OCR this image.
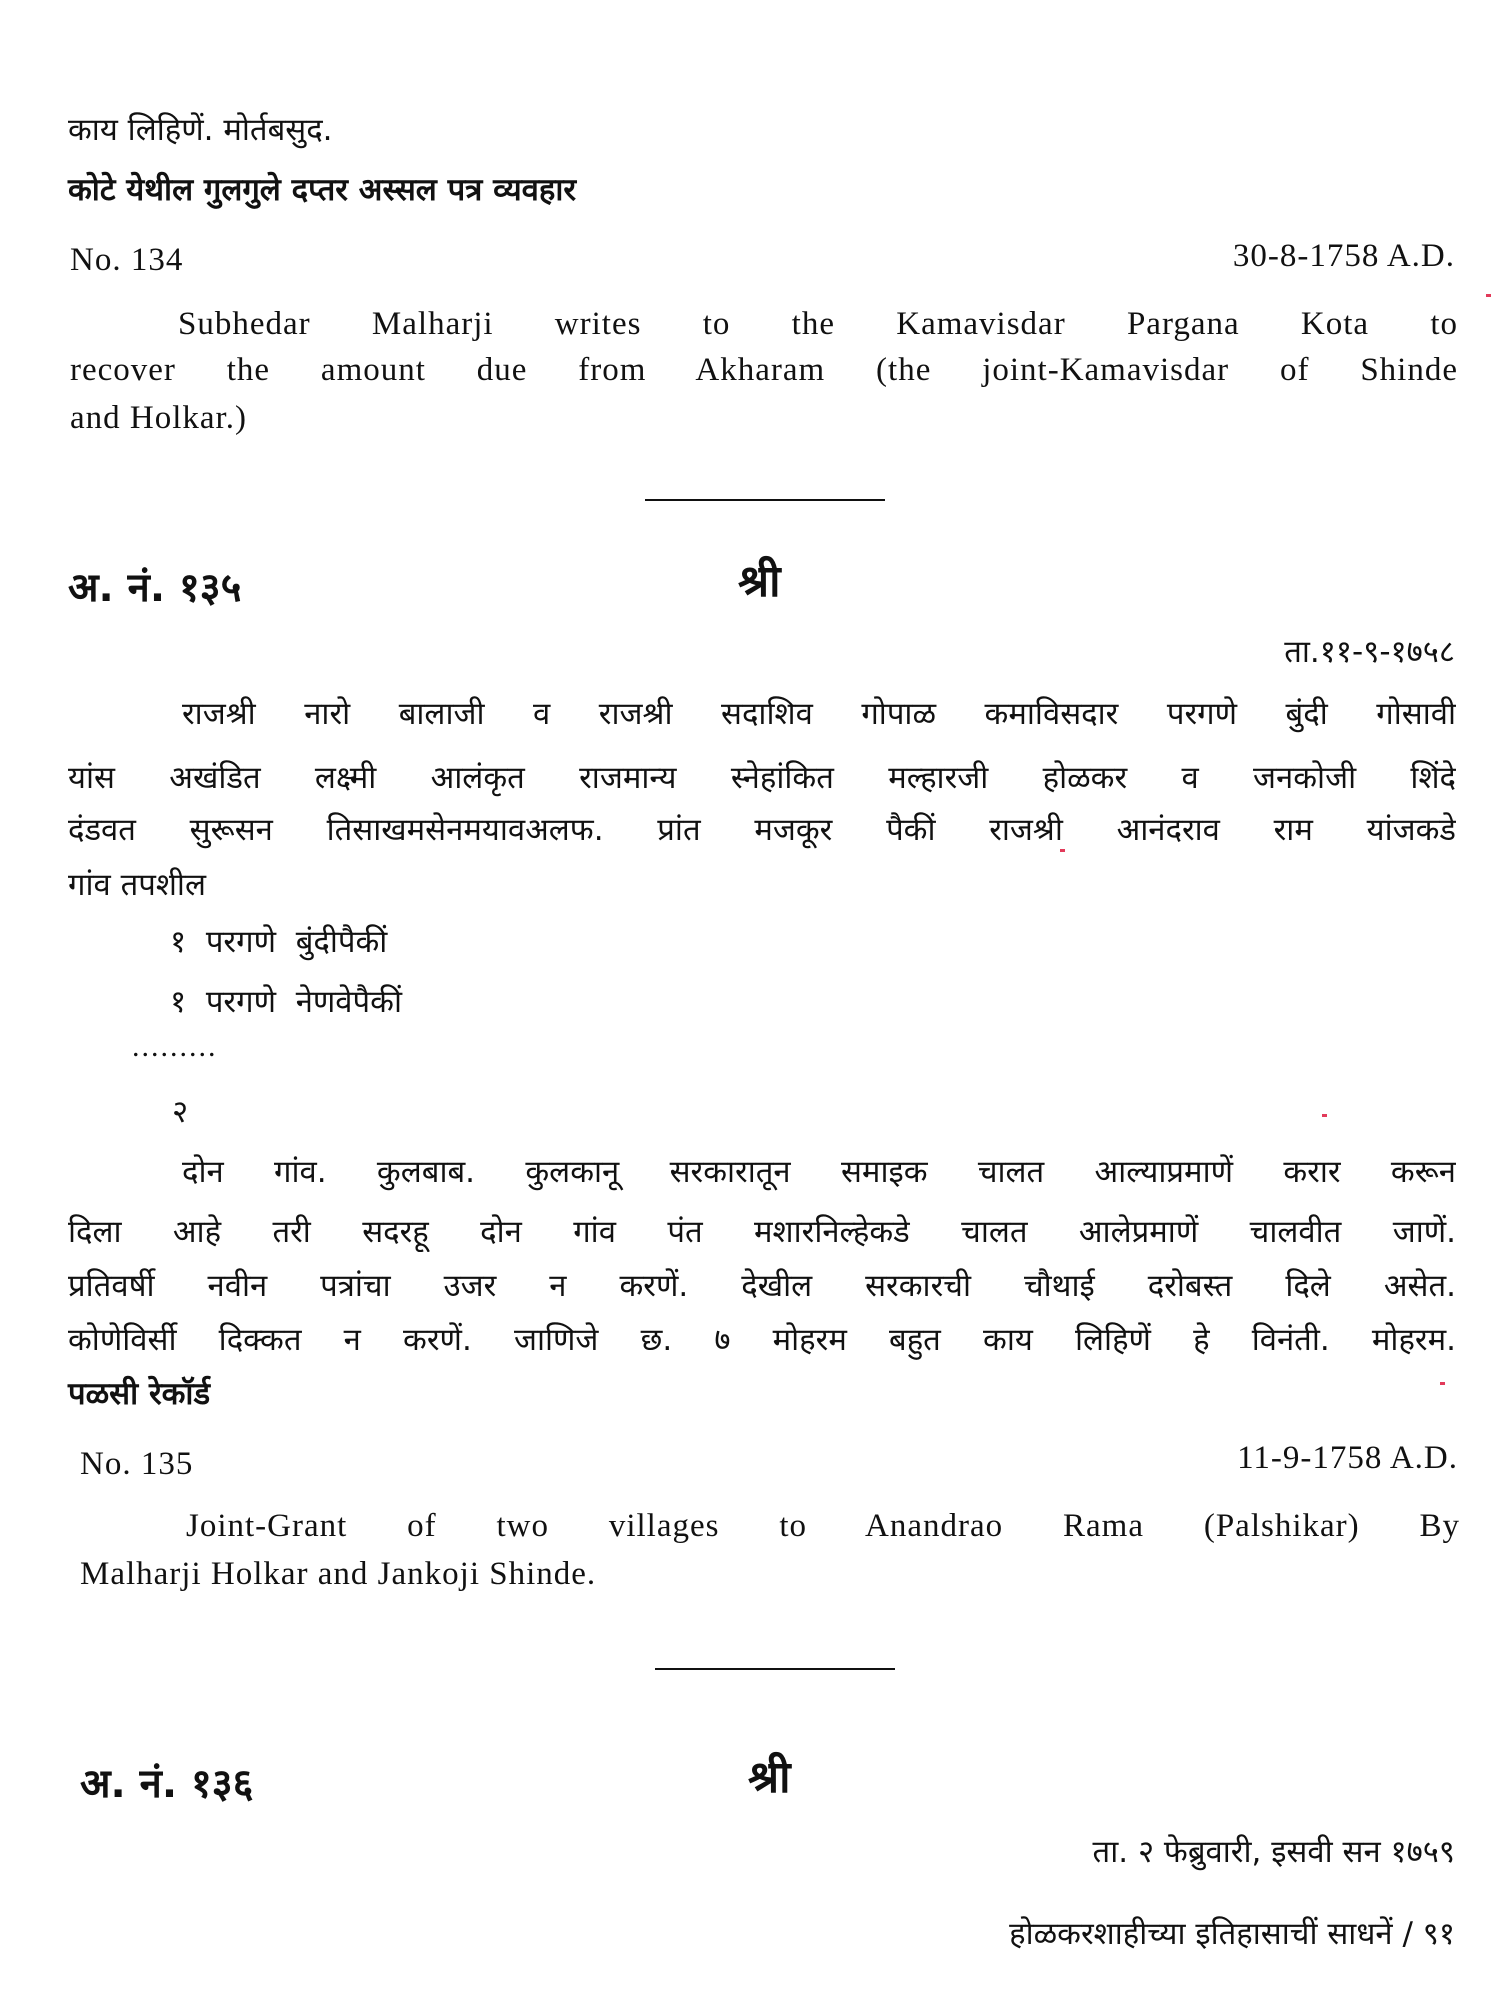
काय लिहिणें. मोर्तबसुद.
कोटे येथील गुलगुले दप्तर अस्सल पत्र व्यवहार
No. 134	30-8-1758 A.D.
Subhedar Malharji writes to the Kamavisdar Pargana Kota to
recover the amount due from Akharam (the joint-Kamavisdar of Shinde
and Holkar.)
अ. नं. १३५	श्री
ता.११-९-१७५८
राजश्री नारो बालाजी व राजश्री सदाशिव गोपाळ कमाविसदार परगणे बुंदी गोसावी
यांस अखंडित लक्ष्मी आलंकृत राजमान्य स्नेहांकित मल्हारजी होळकर व जनकोजी शिंदे
दंडवत सुरूसन तिसाखमसेनमयावअलफ. प्रांत मजकूर पैकीं राजश्री आनंदराव राम यांजकडे
गांव तपशील
१  परगणे  बुंदीपैकीं
१  परगणे  नेणवेपैकीं
.........
२
दोन गांव. कुलबाब. कुलकानू सरकारातून समाइक चालत आल्याप्रमाणें करार करून
दिला आहे तरी सदरहू दोन गांव पंत मशारनिल्हेकडे चालत आलेप्रमाणें चालवीत जाणें.
प्रतिवर्षी नवीन पत्रांचा उजर न करणें. देखील सरकारची चौथाई दरोबस्त दिले असेत.
कोणेविर्सी दिक्कत न करणें. जाणिजे छ. ७ मोहरम बहुत काय लिहिणें हे विनंती. मोहरम.
पळसी रेकॉर्ड
No. 135	11-9-1758 A.D.
Joint-Grant of two villages to Anandrao Rama (Palshikar) By
Malharji Holkar and Jankoji Shinde.
अ. नं. १३६	श्री
ता. २ फेब्रुवारी, इसवी सन १७५९
होळकरशाहीच्या इतिहासाचीं साधनें / ९१
